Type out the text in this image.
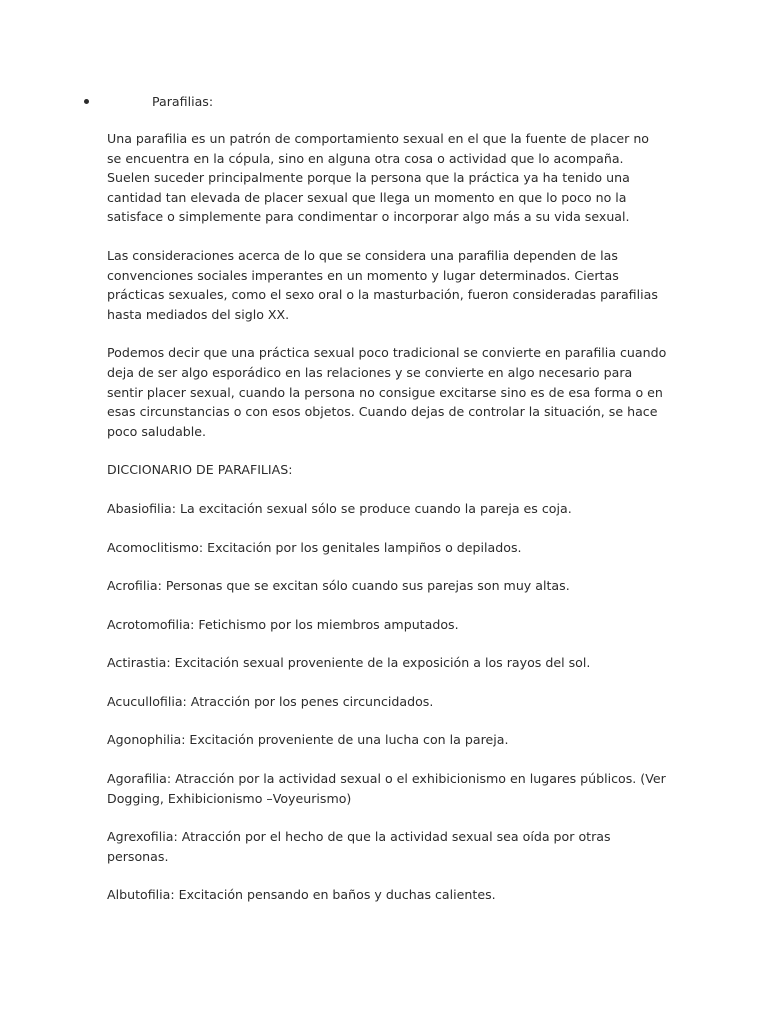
Parafilias:

Una parafilia es un patrón de comportamiento sexual en el que la fuente de placer no se encuentra en la cópula, sino en alguna otra cosa o actividad que lo acompaña. Suelen suceder principalmente porque la persona que la práctica ya ha tenido una cantidad tan elevada de placer sexual que llega un momento en que lo poco no la satisface o simplemente para condimentar o incorporar algo más a su vida sexual.

Las consideraciones acerca de lo que se considera una parafilia dependen de las convenciones sociales imperantes en un momento y lugar determinados. Ciertas prácticas sexuales, como el sexo oral o la masturbación, fueron consideradas parafilias hasta mediados del siglo XX.

Podemos decir que una práctica sexual poco tradicional se convierte en parafilia cuando deja de ser algo esporádico en las relaciones y se convierte en algo necesario para sentir placer sexual, cuando la persona no consigue excitarse sino es de esa forma o en esas circunstancias o con esos objetos. Cuando dejas de controlar la situación, se hace poco saludable.

DICCIONARIO DE PARAFILIAS:

Abasiofilia: La excitación sexual sólo se produce cuando la pareja es coja.

Acomoclitismo: Excitación por los genitales lampiños o depilados.

Acrofilia: Personas que se excitan sólo cuando sus parejas son muy altas.

Acrotomofilia: Fetichismo por los miembros amputados.

Actirastia: Excitación sexual proveniente de la exposición a los rayos del sol.

Acucullofilia: Atracción por los penes circuncidados.

Agonophilia: Excitación proveniente de una lucha con la pareja.

Agorafilia: Atracción por la actividad sexual o el exhibicionismo en lugares públicos. (Ver Dogging, Exhibicionismo –Voyeurismo)

Agrexofilia: Atracción por el hecho de que la actividad sexual sea oída por otras personas.

Albutofilia: Excitación pensando en baños y duchas calientes.
